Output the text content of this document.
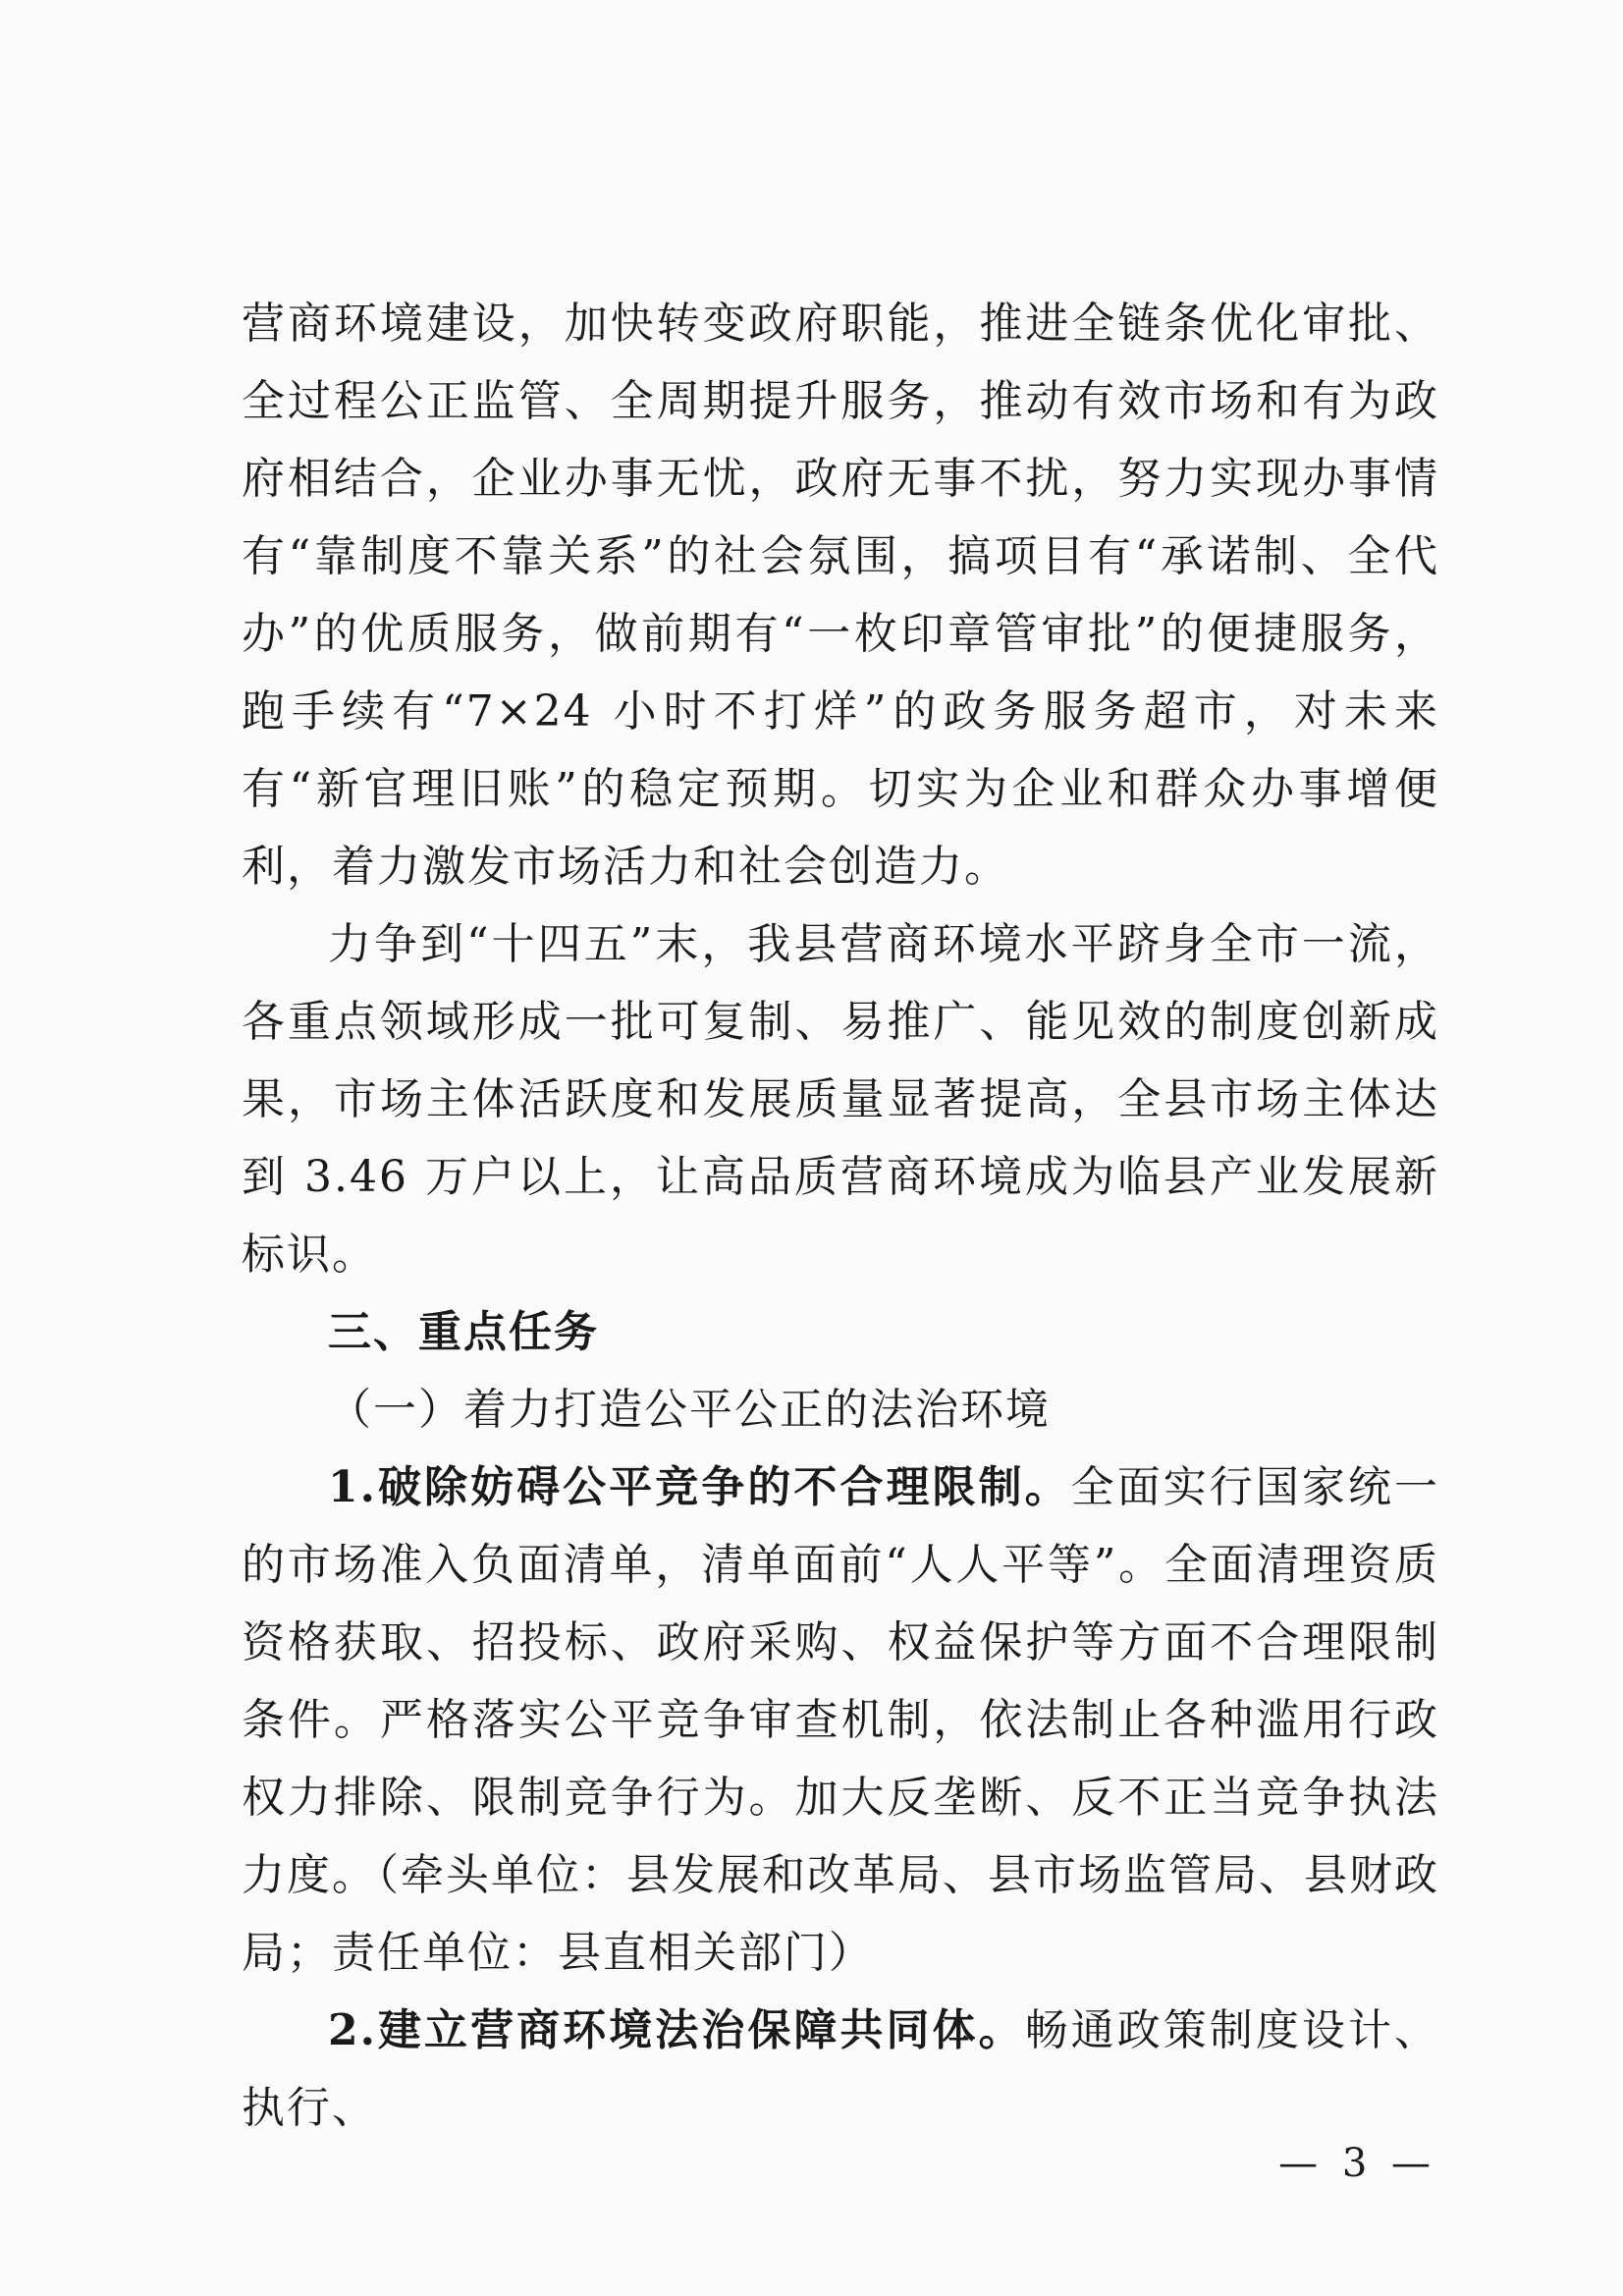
营商环境建设，加快转变政府职能，推进全链条优化审批、全过程公正监管、全周期提升服务，推动有效市场和有为政府相结合，企业办事无忧，政府无事不扰，努力实现办事情有“靠制度不靠关系”的社会氛围，搞项目有“承诺制、全代办”的优质服务，做前期有“一枚印章管审批”的便捷服务，跑手续有“7×24 小时不打烊”的政务服务超市，对未来有“新官理旧账”的稳定预期。切实为企业和群众办事增便利，着力激发市场活力和社会创造力。

力争到“十四五”末，我县营商环境水平跻身全市一流，各重点领域形成一批可复制、易推广、能见效的制度创新成果，市场主体活跃度和发展质量显著提高，全县市场主体达到 3.46 万户以上，让高品质营商环境成为临县产业发展新标识。

三、重点任务

（一）着力打造公平公正的法治环境

1.破除妨碍公平竞争的不合理限制。全面实行国家统一的市场准入负面清单，清单面前“人人平等”。全面清理资质资格获取、招投标、政府采购、权益保护等方面不合理限制条件。严格落实公平竞争审查机制，依法制止各种滥用行政权力排除、限制竞争行为。加大反垄断、反不正当竞争执法力度。（牵头单位：县发展和改革局、县市场监管局、县财政局；责任单位：县直相关部门）

2.建立营商环境法治保障共同体。畅通政策制度设计、执行、

— 3 —
